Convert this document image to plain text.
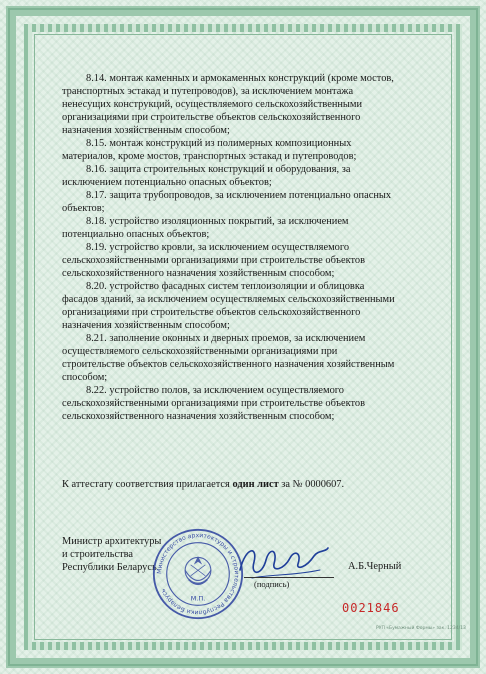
8.14. монтаж каменных и армокаменных конструкций (кроме мостов, транспортных эстакад и путепроводов), за исключением монтажа ненесущих конструкций, осуществляемого сельскохозяйственными организациями при строительстве объектов сельскохозяйственного назначения хозяйственным способом;

8.15. монтаж конструкций из полимерных композиционных материалов, кроме мостов, транспортных эстакад и путепроводов;

8.16. защита строительных конструкций и оборудования, за исключением потенциально опасных объектов;

8.17. защита трубопроводов, за исключением потенциально опасных объектов;

8.18. устройство изоляционных покрытий, за исключением потенциально опасных объектов;

8.19. устройство кровли, за исключением осуществляемого сельскохозяйственными организациями при строительстве объектов сельскохозяйственного назначения хозяйственным способом;

8.20. устройство фасадных систем теплоизоляции и облицовка фасадов зданий, за исключением осуществляемых сельскохозяйственными организациями при строительстве объектов сельскохозяйственного назначения хозяйственным способом;

8.21. заполнение оконных и дверных проемов, за исключением осуществляемого сельскохозяйственными организациями при строительстве объектов сельскохозяйственного назначения хозяйственным способом;

8.22. устройство полов, за исключением осуществляемого сельскохозяйственными организациями при строительстве объектов сельскохозяйственного назначения хозяйственным способом;

К аттестату соответствия прилагается один лист за № 0000607.
Министр архитектуры
и строительства
Республики Беларусь Министерство архитектуры и строительства Республики Беларусь
М.П.
(подпись)
А.Б.Черный
0021846
РУП «Бумажный Формы» зак. 1234/13
